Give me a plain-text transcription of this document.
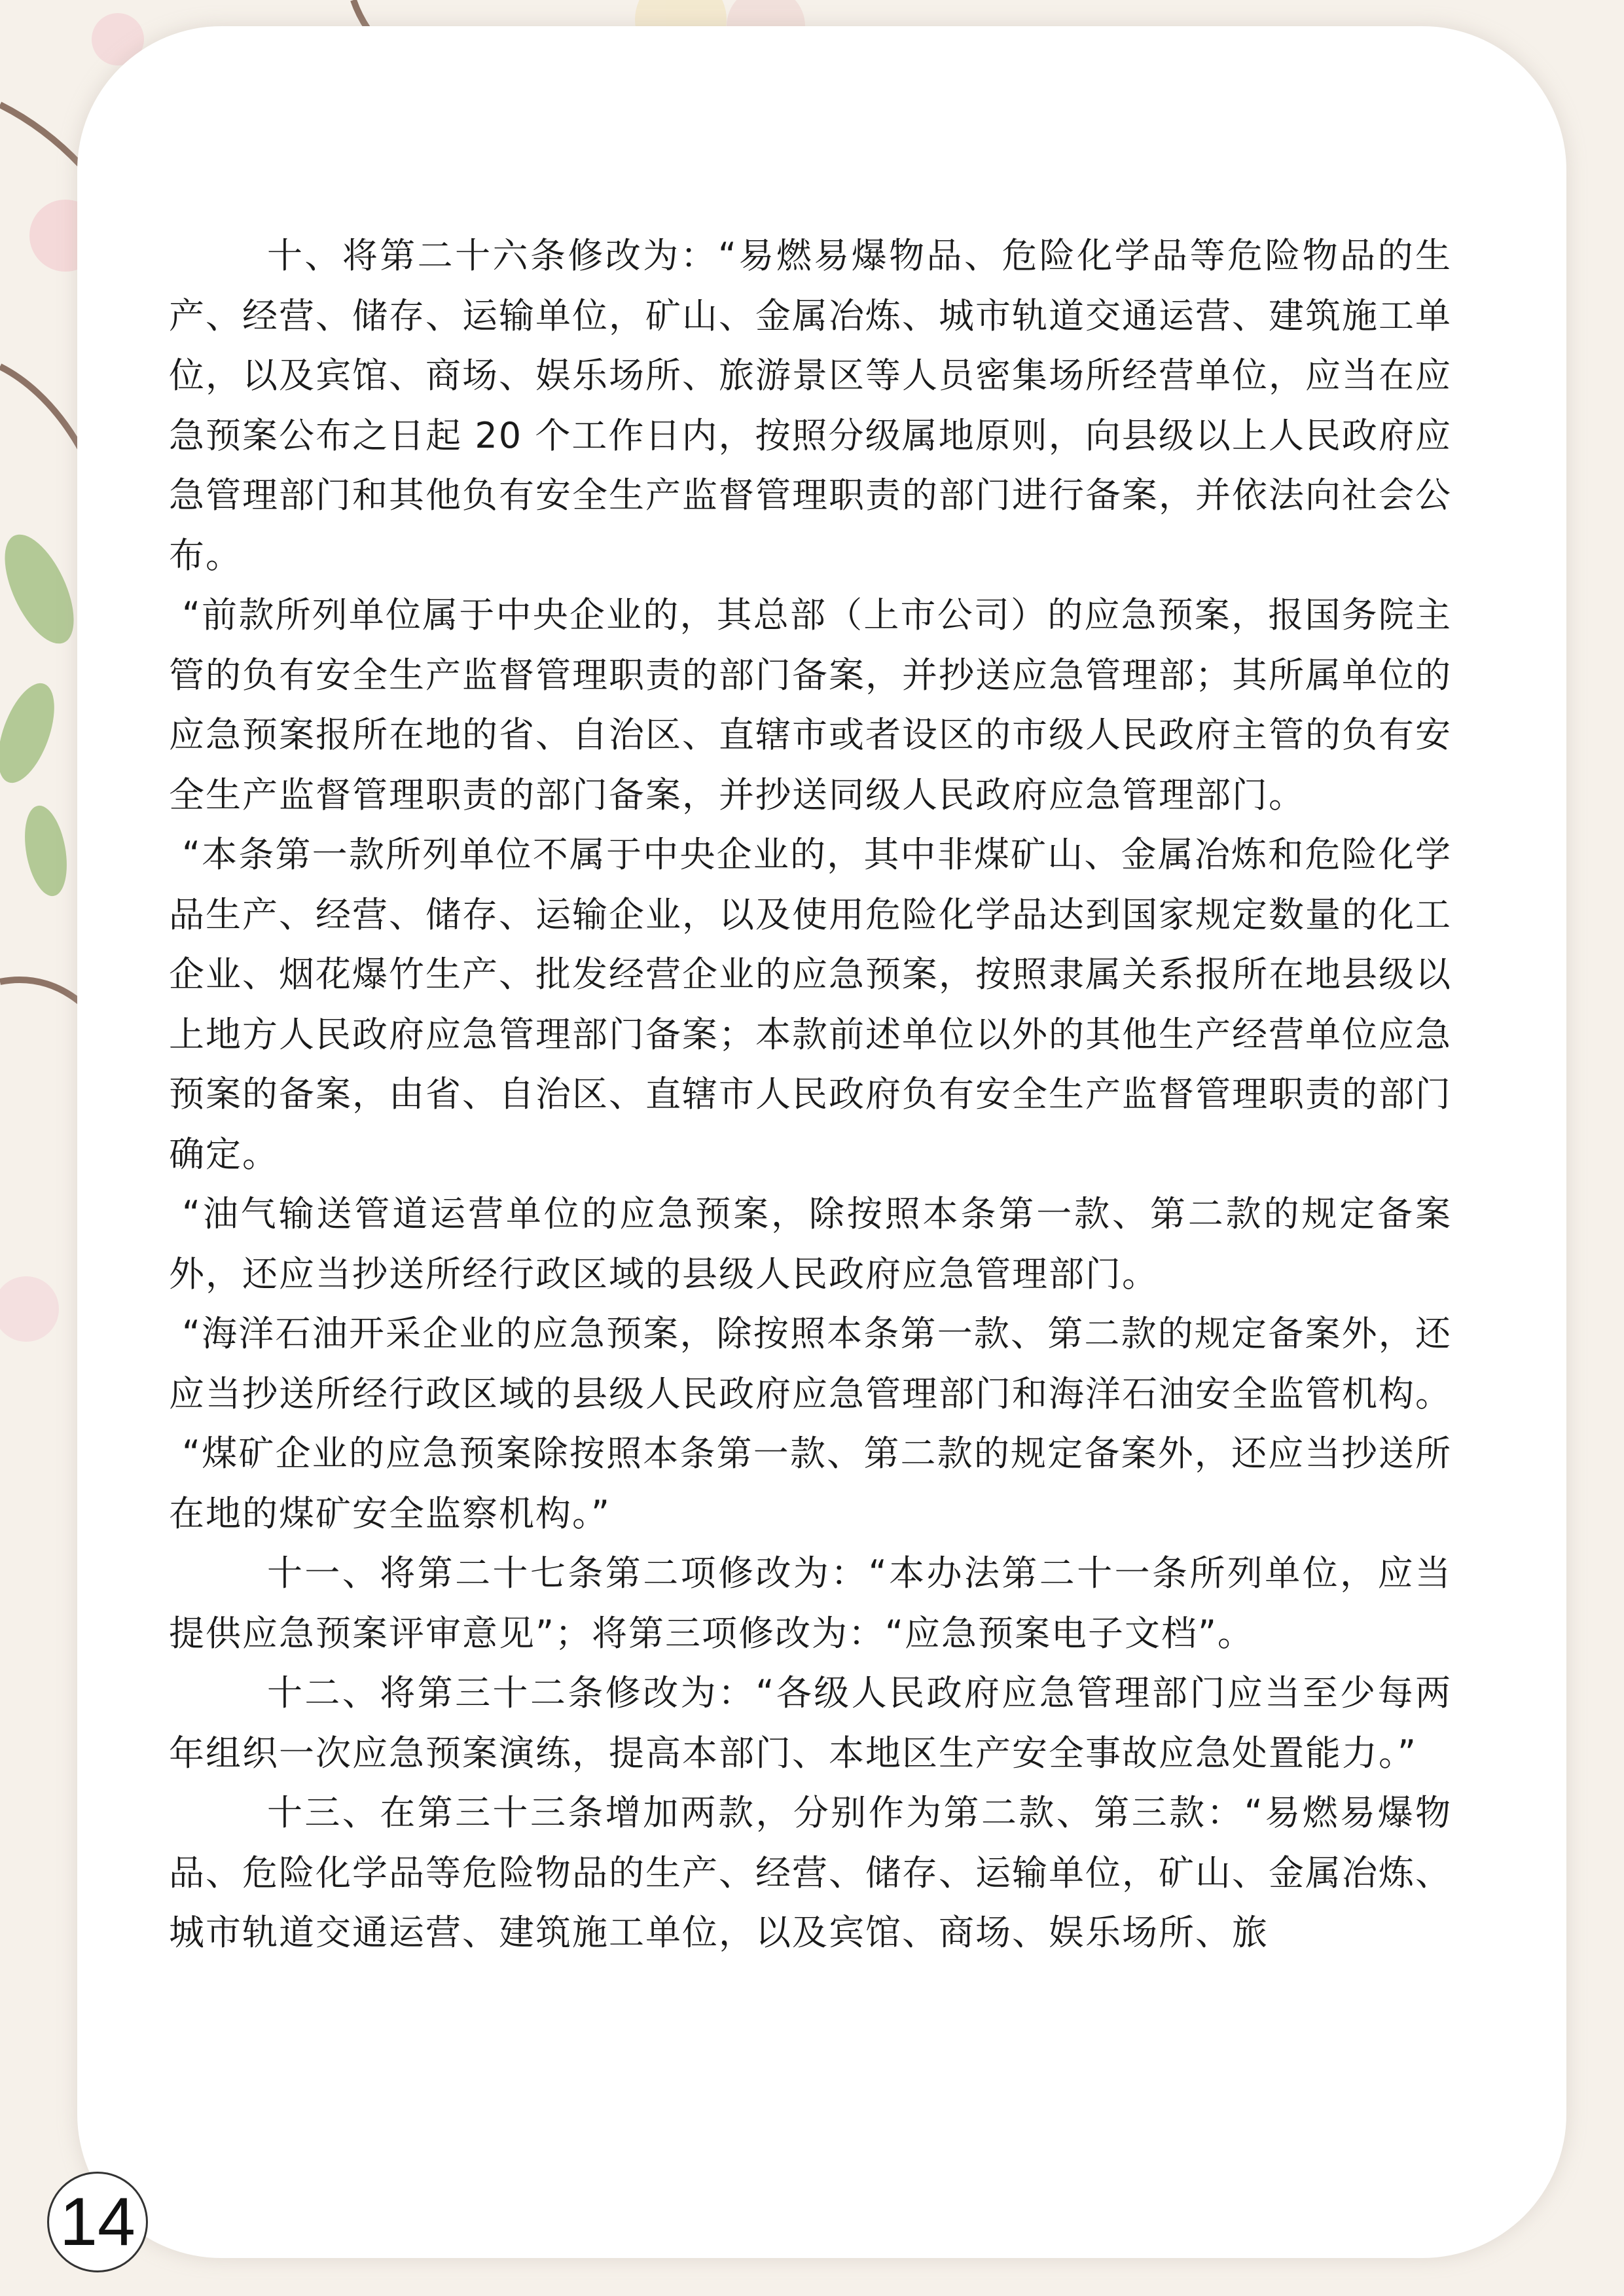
十、将第二十六条修改为：“易燃易爆物品、危险化学品等危险物品的生产、经营、储存、运输单位，矿山、金属冶炼、城市轨道交通运营、建筑施工单位，以及宾馆、商场、娱乐场所、旅游景区等人员密集场所经营单位，应当在应急预案公布之日起 20 个工作日内，按照分级属地原则，向县级以上人民政府应急管理部门和其他负有安全生产监督管理职责的部门进行备案，并依法向社会公布。

“前款所列单位属于中央企业的，其总部（上市公司）的应急预案，报国务院主管的负有安全生产监督管理职责的部门备案，并抄送应急管理部；其所属单位的应急预案报所在地的省、自治区、直辖市或者设区的市级人民政府主管的负有安全生产监督管理职责的部门备案，并抄送同级人民政府应急管理部门。

“本条第一款所列单位不属于中央企业的，其中非煤矿山、金属冶炼和危险化学品生产、经营、储存、运输企业，以及使用危险化学品达到国家规定数量的化工企业、烟花爆竹生产、批发经营企业的应急预案，按照隶属关系报所在地县级以上地方人民政府应急管理部门备案；本款前述单位以外的其他生产经营单位应急预案的备案，由省、自治区、直辖市人民政府负有安全生产监督管理职责的部门确定。

“油气输送管道运营单位的应急预案，除按照本条第一款、第二款的规定备案外，还应当抄送所经行政区域的县级人民政府应急管理部门。

“海洋石油开采企业的应急预案，除按照本条第一款、第二款的规定备案外，还应当抄送所经行政区域的县级人民政府应急管理部门和海洋石油安全监管机构。

“煤矿企业的应急预案除按照本条第一款、第二款的规定备案外，还应当抄送所在地的煤矿安全监察机构。”

十一、将第二十七条第二项修改为：“本办法第二十一条所列单位，应当提供应急预案评审意见”；将第三项修改为：“应急预案电子文档”。

十二、将第三十二条修改为：“各级人民政府应急管理部门应当至少每两年组织一次应急预案演练，提高本部门、本地区生产安全事故应急处置能力。”

十三、在第三十三条增加两款，分别作为第二款、第三款：“易燃易爆物品、危险化学品等危险物品的生产、经营、储存、运输单位，矿山、金属冶炼、城市轨道交通运营、建筑施工单位，以及宾馆、商场、娱乐场所、旅

14
